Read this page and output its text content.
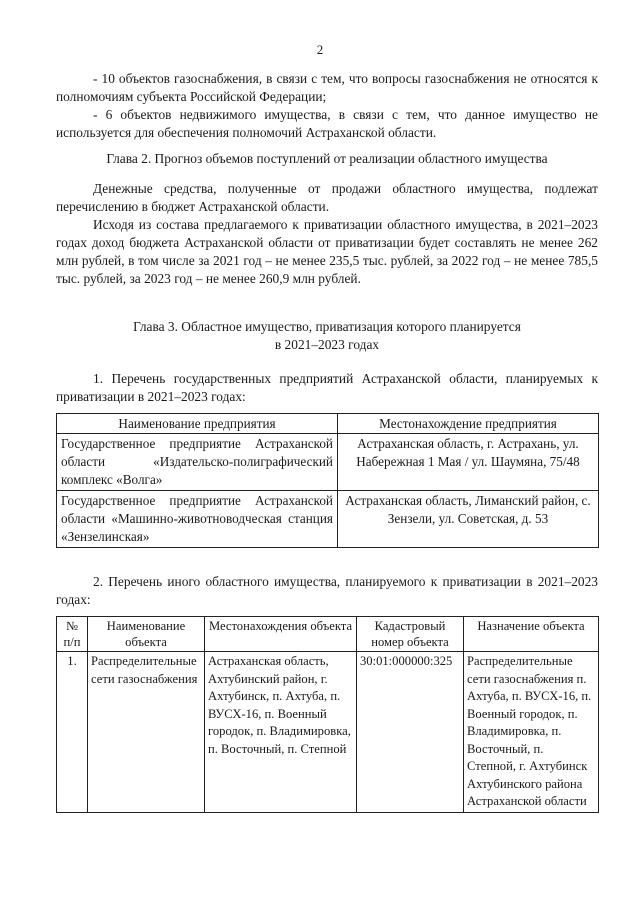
2

- 10 объектов газоснабжения, в связи с тем, что вопросы газоснабжения не относятся к полномочиям субъекта Российской Федерации;

- 6 объектов недвижимого имущества, в связи с тем, что данное имущество не используется для обеспечения полномочий Астраханской области.

Глава 2. Прогноз объемов поступлений от реализации областного имущества

Денежные средства, полученные от продажи областного имущества, подлежат перечислению в бюджет Астраханской области.

Исходя из состава предлагаемого к приватизации областного имущества, в 2021–2023 годах доход бюджета Астраханской области от приватизации будет составлять не менее 262 млн рублей, в том числе за 2021 год – не менее 235,5 тыс. рублей, за 2022 год – не менее 785,5 тыс. рублей, за 2023 год – не менее 260,9 млн рублей.

Глава 3. Областное имущество, приватизация которого планируется

в 2021–2023 годах

1. Перечень государственных предприятий Астраханской области, планируемых к приватизации в 2021–2023 годах:

Наименование предприятия	Местонахождение предприятия
Государственное предприятие Астраханской области «Издательско-полиграфический комплекс «Волга»	Астраханская область, г. Астрахань, ул. Набережная 1 Мая / ул. Шаумяна, 75/48
Государственное предприятие Астраханской области «Машинно-животноводческая станция «Зензелинская»	Астраханская область, Лиманский район, с. Зензели, ул. Советская, д. 53

2. Перечень иного областного имущества, планируемого к приватизации в 2021–2023 годах:

№ п/п	Наименование объекта	Местонахождения объекта	Кадастровый номер объекта	Назначение объекта
1.	Распределительные сети газоснабжения	Астраханская область, Ахтубинский район, г. Ахтубинск, п. Ахтуба, п. ВУСХ-16, п. Военный городок, п. Владимировка, п. Восточный, п. Степной	30:01:000000:325	Распределительные сети газоснабжения п. Ахтуба, п. ВУСХ-16, п. Военный городок, п. Владимировка, п. Восточный, п. Степной, г. Ахтубинск Ахтубинского района Астраханской области
